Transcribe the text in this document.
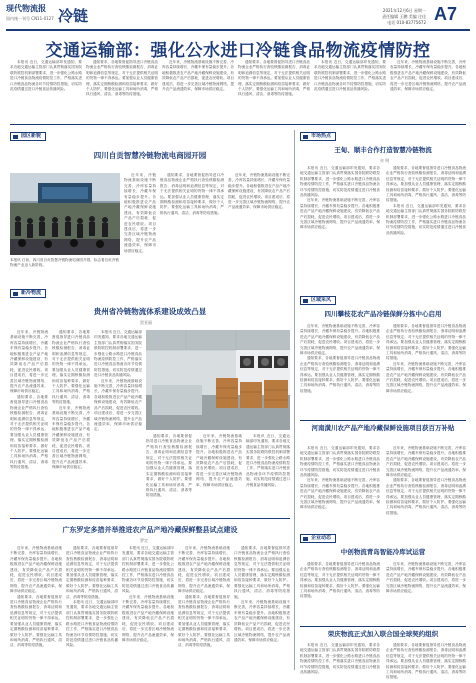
现代物流报
国内统一刊号 CN11-0127 冷链	2021年12月6日 星期一
责任编辑 王鹏 美编 庄佳
电话 010-83775672 A7
交通运输部：强化公水进口冷链食品物流疫情防控

本报讯 近日，交通运输部印发通知，要求各地交通运输主管部门认真贯彻落实国务院联防联控机制部署要求，进一步强化公路水路进口冷链食品物流疫情防控工作，严格落实进口冷链食品物流各环节疫情防控措施，切实防范疫情通过进口冷链食品传播风险。

通知要求，各地要督促指导进口冷链食品物流企业严格执行查验核酸检测报告、消毒证明和追溯信息等规定，对于无法提供相关证明的货物一律不得承运。要加强从业人员健康管理，落实定期核酸检测和疫苗接种要求，做好个人防护。要强化运输工具和场所消毒，严格执行通风、清洁、消毒等防疫措施。

近年来，冷链物流基础设施不断完善，冷库容量持续增长，冷藏车保有量稳步提升。各地积极推进农产品产地冷藏保鲜设施建设，有效降低农产品产后损耗，促进农民增收。项目建成后，将进一步完善区域冷链物流网络，提升农产品流通效率，保障市场供应稳定。

通知要求，各地要督促指导进口冷链食品物流企业严格执行查验核酸检测报告、消毒证明和追溯信息等规定，对于无法提供相关证明的货物一律不得承运。要加强从业人员健康管理，落实定期核酸检测和疫苗接种要求，做好个人防护。要强化运输工具和场所消毒，严格执行通风、清洁、消毒等防疫措施。

本报讯 近日，交通运输部印发通知，要求各地交通运输主管部门认真贯彻落实国务院联防联控机制部署要求，进一步强化公路水路进口冷链食品物流疫情防控工作，严格落实进口冷链食品物流各环节疫情防控措施，切实防范疫情通过进口冷链食品传播风险。

近年来，冷链物流基础设施不断完善，冷库容量持续增长，冷藏车保有量稳步提升。各地积极推进农产品产地冷藏保鲜设施建设，有效降低农产品产后损耗，促进农民增收。项目建成后，将进一步完善区域冷链物流网络，提升农产品流通效率，保障市场供应稳定。

园区新貌
四川自贡智慧冷链物流电商园开园
本报讯 日前，四川省自贡智慧冷链物流电商园开园，标志着自贡冷链物流产业迈入新阶段。

近年来，冷链物流基础设施不断完善，冷库容量持续增长，冷藏车保有量稳步提升。各地积极推进农产品产地冷藏保鲜设施建设，有效降低农产品产后损耗，促进农民增收。项目建成后，将进一步完善区域冷链物流网络，提升农产品流通效率，保障市场供应稳定。

通知要求，各地要督促指导进口冷链食品物流企业严格执行查验核酸检测报告、消毒证明和追溯信息等规定，对于无法提供相关证明的货物一律不得承运。要加强从业人员健康管理，落实定期核酸检测和疫苗接种要求，做好个人防护。要强化运输工具和场所消毒，严格执行通风、清洁、消毒等防疫措施。

近年来，冷链物流基础设施不断完善，冷库容量持续增长，冷藏车保有量稳步提升。各地积极推进农产品产地冷藏保鲜设施建设，有效降低农产品产后损耗，促进农民增收。项目建成后，将进一步完善区域冷链物流网络，提升农产品流通效率，保障市场供应稳定。

新冷物流
贵州省冷链物流体系建设成效凸显
贺亚丽

近年来，冷链物流基础设施不断完善，冷库容量持续增长，冷藏车保有量稳步提升。各地积极推进农产品产地冷藏保鲜设施建设，有效降低农产品产后损耗，促进农民增收。项目建成后，将进一步完善区域冷链物流网络，提升农产品流通效率，保障市场供应稳定。

通知要求，各地要督促指导进口冷链食品物流企业严格执行查验核酸检测报告、消毒证明和追溯信息等规定，对于无法提供相关证明的货物一律不得承运。要加强从业人员健康管理，落实定期核酸检测和疫苗接种要求，做好个人防护。要强化运输工具和场所消毒，严格执行通风、清洁、消毒等防疫措施。

通知要求，各地要督促指导进口冷链食品物流企业严格执行查验核酸检测报告、消毒证明和追溯信息等规定，对于无法提供相关证明的货物一律不得承运。要加强从业人员健康管理，落实定期核酸检测和疫苗接种要求，做好个人防护。要强化运输工具和场所消毒，严格执行通风、清洁、消毒等防疫措施。

近年来，冷链物流基础设施不断完善，冷库容量持续增长，冷藏车保有量稳步提升。各地积极推进农产品产地冷藏保鲜设施建设，有效降低农产品产后损耗，促进农民增收。项目建成后，将进一步完善区域冷链物流网络，提升农产品流通效率，保障市场供应稳定。

本报讯 近日，交通运输部印发通知，要求各地交通运输主管部门认真贯彻落实国务院联防联控机制部署要求，进一步强化公路水路进口冷链食品物流疫情防控工作，严格落实进口冷链食品物流各环节疫情防控措施，切实防范疫情通过进口冷链食品传播风险。

近年来，冷链物流基础设施不断完善，冷库容量持续增长，冷藏车保有量稳步提升。各地积极推进农产品产地冷藏保鲜设施建设，有效降低农产品产后损耗，促进农民增收。项目建成后，将进一步完善区域冷链物流网络，提升农产品流通效率，保障市场供应稳定。

通知要求，各地要督促指导进口冷链食品物流企业严格执行查验核酸检测报告、消毒证明和追溯信息等规定，对于无法提供相关证明的货物一律不得承运。要加强从业人员健康管理，落实定期核酸检测和疫苗接种要求，做好个人防护。要强化运输工具和场所消毒，严格执行通风、清洁、消毒等防疫措施。

近年来，冷链物流基础设施不断完善，冷库容量持续增长，冷藏车保有量稳步提升。各地积极推进农产品产地冷藏保鲜设施建设，有效降低农产品产后损耗，促进农民增收。项目建成后，将进一步完善区域冷链物流网络，提升农产品流通效率，保障市场供应稳定。

本报讯 近日，交通运输部印发通知，要求各地交通运输主管部门认真贯彻落实国务院联防联控机制部署要求，进一步强化公路水路进口冷链食品物流疫情防控工作，严格落实进口冷链食品物流各环节疫情防控措施，切实防范疫情通过进口冷链食品传播风险。

广东罗定多措并举推进农产品产地冷藏保鲜整县试点建设
罗定

近年来，冷链物流基础设施不断完善，冷库容量持续增长，冷藏车保有量稳步提升。各地积极推进农产品产地冷藏保鲜设施建设，有效降低农产品产后损耗，促进农民增收。项目建成后，将进一步完善区域冷链物流网络，提升农产品流通效率，保障市场供应稳定。

通知要求，各地要督促指导进口冷链食品物流企业严格执行查验核酸检测报告、消毒证明和追溯信息等规定，对于无法提供相关证明的货物一律不得承运。要加强从业人员健康管理，落实定期核酸检测和疫苗接种要求，做好个人防护。要强化运输工具和场所消毒，严格执行通风、清洁、消毒等防疫措施。

通知要求，各地要督促指导进口冷链食品物流企业严格执行查验核酸检测报告、消毒证明和追溯信息等规定，对于无法提供相关证明的货物一律不得承运。要加强从业人员健康管理，落实定期核酸检测和疫苗接种要求，做好个人防护。要强化运输工具和场所消毒，严格执行通风、清洁、消毒等防疫措施。

本报讯 近日，交通运输部印发通知，要求各地交通运输主管部门认真贯彻落实国务院联防联控机制部署要求，进一步强化公路水路进口冷链食品物流疫情防控工作，严格落实进口冷链食品物流各环节疫情防控措施，切实防范疫情通过进口冷链食品传播风险。

本报讯 近日，交通运输部印发通知，要求各地交通运输主管部门认真贯彻落实国务院联防联控机制部署要求，进一步强化公路水路进口冷链食品物流疫情防控工作，严格落实进口冷链食品物流各环节疫情防控措施，切实防范疫情通过进口冷链食品传播风险。

近年来，冷链物流基础设施不断完善，冷库容量持续增长，冷藏车保有量稳步提升。各地积极推进农产品产地冷藏保鲜设施建设，有效降低农产品产后损耗，促进农民增收。项目建成后，将进一步完善区域冷链物流网络，提升农产品流通效率，保障市场供应稳定。

近年来，冷链物流基础设施不断完善，冷库容量持续增长，冷藏车保有量稳步提升。各地积极推进农产品产地冷藏保鲜设施建设，有效降低农产品产后损耗，促进农民增收。项目建成后，将进一步完善区域冷链物流网络，提升农产品流通效率，保障市场供应稳定。

通知要求，各地要督促指导进口冷链食品物流企业严格执行查验核酸检测报告、消毒证明和追溯信息等规定，对于无法提供相关证明的货物一律不得承运。要加强从业人员健康管理，落实定期核酸检测和疫苗接种要求，做好个人防护。要强化运输工具和场所消毒，严格执行通风、清洁、消毒等防疫措施。

通知要求，各地要督促指导进口冷链食品物流企业严格执行查验核酸检测报告、消毒证明和追溯信息等规定，对于无法提供相关证明的货物一律不得承运。要加强从业人员健康管理，落实定期核酸检测和疫苗接种要求，做好个人防护。要强化运输工具和场所消毒，严格执行通风、清洁、消毒等防疫措施。

近年来，冷链物流基础设施不断完善，冷库容量持续增长，冷藏车保有量稳步提升。各地积极推进农产品产地冷藏保鲜设施建设，有效降低农产品产后损耗，促进农民增收。项目建成后，将进一步完善区域冷链物流网络，提升农产品流通效率，保障市场供应稳定。

市场热点
王甸、顺丰合作打造智慧冷链物流
亦 明

本报讯 近日，交通运输部印发通知，要求各地交通运输主管部门认真贯彻落实国务院联防联控机制部署要求，进一步强化公路水路进口冷链食品物流疫情防控工作，严格落实进口冷链食品物流各环节疫情防控措施，切实防范疫情通过进口冷链食品传播风险。

近年来，冷链物流基础设施不断完善，冷库容量持续增长，冷藏车保有量稳步提升。各地积极推进农产品产地冷藏保鲜设施建设，有效降低农产品产后损耗，促进农民增收。项目建成后，将进一步完善区域冷链物流网络，提升农产品流通效率，保障市场供应稳定。

通知要求，各地要督促指导进口冷链食品物流企业严格执行查验核酸检测报告、消毒证明和追溯信息等规定，对于无法提供相关证明的货物一律不得承运。要加强从业人员健康管理，落实定期核酸检测和疫苗接种要求，做好个人防护。要强化运输工具和场所消毒，严格执行通风、清洁、消毒等防疫措施。

本报讯 近日，交通运输部印发通知，要求各地交通运输主管部门认真贯彻落实国务院联防联控机制部署要求，进一步强化公路水路进口冷链食品物流疫情防控工作，严格落实进口冷链食品物流各环节疫情防控措施，切实防范疫情通过进口冷链食品传播风险。

区域采风
四川攀枝花农产品冷链保鲜分拣中心启用

近年来，冷链物流基础设施不断完善，冷库容量持续增长，冷藏车保有量稳步提升。各地积极推进农产品产地冷藏保鲜设施建设，有效降低农产品产后损耗，促进农民增收。项目建成后，将进一步完善区域冷链物流网络，提升农产品流通效率，保障市场供应稳定。

通知要求，各地要督促指导进口冷链食品物流企业严格执行查验核酸检测报告、消毒证明和追溯信息等规定，对于无法提供相关证明的货物一律不得承运。要加强从业人员健康管理，落实定期核酸检测和疫苗接种要求，做好个人防护。要强化运输工具和场所消毒，严格执行通风、清洁、消毒等防疫措施。

通知要求，各地要督促指导进口冷链食品物流企业严格执行查验核酸检测报告、消毒证明和追溯信息等规定，对于无法提供相关证明的货物一律不得承运。要加强从业人员健康管理，落实定期核酸检测和疫苗接种要求，做好个人防护。要强化运输工具和场所消毒，严格执行通风、清洁、消毒等防疫措施。

近年来，冷链物流基础设施不断完善，冷库容量持续增长，冷藏车保有量稳步提升。各地积极推进农产品产地冷藏保鲜设施建设，有效降低农产品产后损耗，促进农民增收。项目建成后，将进一步完善区域冷链物流网络，提升农产品流通效率，保障市场供应稳定。

河南潢川农产品产地冷藏保鲜设施项目获百万补贴

本报讯 近日，交通运输部印发通知，要求各地交通运输主管部门认真贯彻落实国务院联防联控机制部署要求，进一步强化公路水路进口冷链食品物流疫情防控工作，严格落实进口冷链食品物流各环节疫情防控措施，切实防范疫情通过进口冷链食品传播风险。

近年来，冷链物流基础设施不断完善，冷库容量持续增长，冷藏车保有量稳步提升。各地积极推进农产品产地冷藏保鲜设施建设，有效降低农产品产后损耗，促进农民增收。项目建成后，将进一步完善区域冷链物流网络，提升农产品流通效率，保障市场供应稳定。

近年来，冷链物流基础设施不断完善，冷库容量持续增长，冷藏车保有量稳步提升。各地积极推进农产品产地冷藏保鲜设施建设，有效降低农产品产后损耗，促进农民增收。项目建成后，将进一步完善区域冷链物流网络，提升农产品流通效率，保障市场供应稳定。

通知要求，各地要督促指导进口冷链食品物流企业严格执行查验核酸检测报告、消毒证明和追溯信息等规定，对于无法提供相关证明的货物一律不得承运。要加强从业人员健康管理，落实定期核酸检测和疫苗接种要求，做好个人防护。要强化运输工具和场所消毒，严格执行通风、清洁、消毒等防疫措施。

企业动态
中创物流青岛智能冷库试运营

通知要求，各地要督促指导进口冷链食品物流企业严格执行查验核酸检测报告、消毒证明和追溯信息等规定，对于无法提供相关证明的货物一律不得承运。要加强从业人员健康管理，落实定期核酸检测和疫苗接种要求，做好个人防护。要强化运输工具和场所消毒，严格执行通风、清洁、消毒等防疫措施。

近年来，冷链物流基础设施不断完善，冷库容量持续增长，冷藏车保有量稳步提升。各地积极推进农产品产地冷藏保鲜设施建设，有效降低农产品产后损耗，促进农民增收。项目建成后，将进一步完善区域冷链物流网络，提升农产品流通效率，保障市场供应稳定。

荣庆物流正式加入联合国全球契约组织

本报讯 近日，交通运输部印发通知，要求各地交通运输主管部门认真贯彻落实国务院联防联控机制部署要求，进一步强化公路水路进口冷链食品物流疫情防控工作，严格落实进口冷链食品物流各环节疫情防控措施，切实防范疫情通过进口冷链食品传播风险。

通知要求，各地要督促指导进口冷链食品物流企业严格执行查验核酸检测报告、消毒证明和追溯信息等规定，对于无法提供相关证明的货物一律不得承运。要加强从业人员健康管理，落实定期核酸检测和疫苗接种要求，做好个人防护。要强化运输工具和场所消毒，严格执行通风、清洁、消毒等防疫措施。
